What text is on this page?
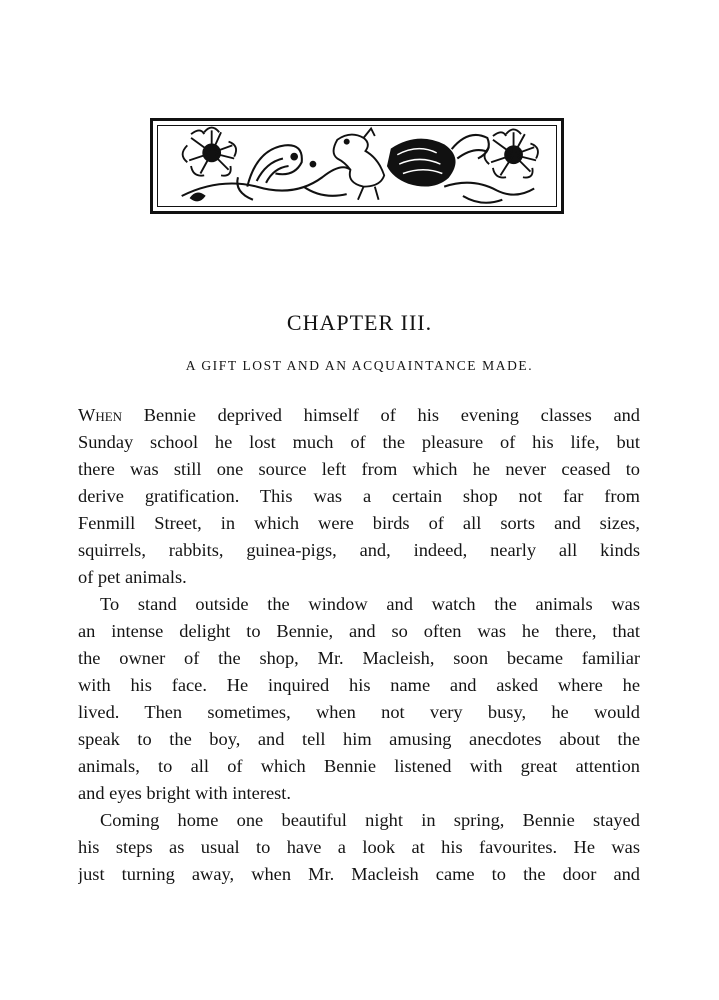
CHAPTER III.
A GIFT LOST AND AN ACQUAINTANCE MADE.
When Bennie deprived himself of his evening classes and
Sunday school he lost much of the pleasure of his life, but
there was still one source left from which he never ceased to
derive gratification. This was a certain shop not far from
Fenmill Street, in which were birds of all sorts and sizes,
squirrels, rabbits, guinea-pigs, and, indeed, nearly all kinds
of pet animals.
To stand outside the window and watch the animals was
an intense delight to Bennie, and so often was he there, that
the owner of the shop, Mr. Macleish, soon became familiar
with his face. He inquired his name and asked where he
lived. Then sometimes, when not very busy, he would
speak to the boy, and tell him amusing anecdotes about the
animals, to all of which Bennie listened with great attention
and eyes bright with interest.
Coming home one beautiful night in spring, Bennie stayed
his steps as usual to have a look at his favourites. He was
just turning away, when Mr. Macleish came to the door and
